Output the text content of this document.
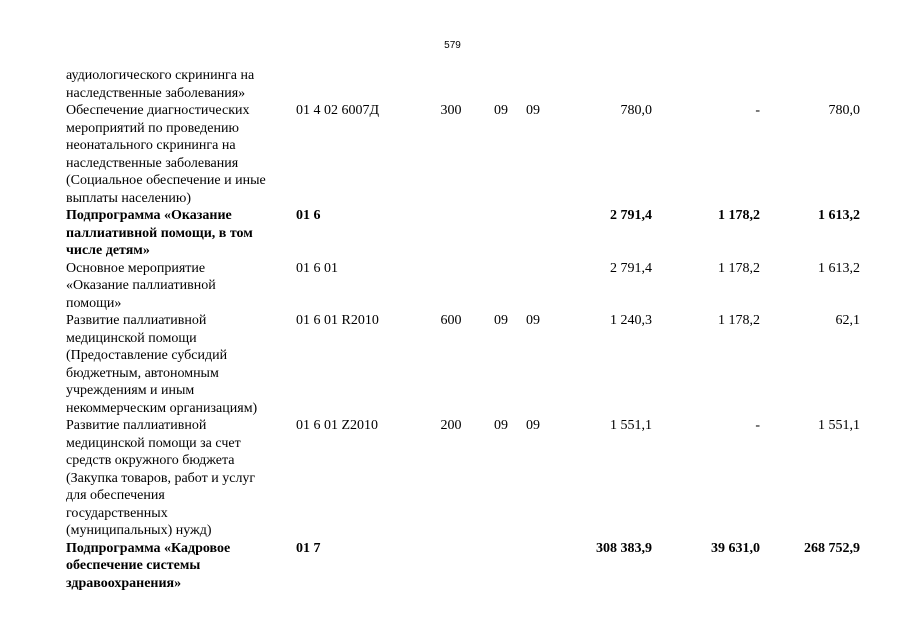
579
аудиологического скрининга на
наследственные заболевания»
Обеспечение диагностических
мероприятий по проведению
неонатального скрининга на
наследственные заболевания
(Социальное обеспечение и иные
выплаты населению)
01 4 02 6007Д	300 09 09	780,0	-	780,0
Подпрограмма «Оказание
паллиативной помощи, в том
числе детям»
01 6	2 791,4	1 178,2	1 613,2
Основное мероприятие
«Оказание паллиативной
помощи»
01 6 01	2 791,4	1 178,2	1 613,2
Развитие паллиативной
медицинской помощи
(Предоставление субсидий
бюджетным, автономным
учреждениям и иным
некоммерческим организациям)
01 6 01 R2010	600 09 09	1 240,3	1 178,2	62,1
Развитие паллиативной
медицинской помощи за счет
средств окружного бюджета
(Закупка товаров, работ и услуг
для обеспечения
государственных
(муниципальных) нужд)
01 6 01 Z2010	200 09 09	1 551,1	-	1 551,1
Подпрограмма «Кадровое
обеспечение системы
здравоохранения»
01 7	308 383,9	39 631,0	268 752,9
